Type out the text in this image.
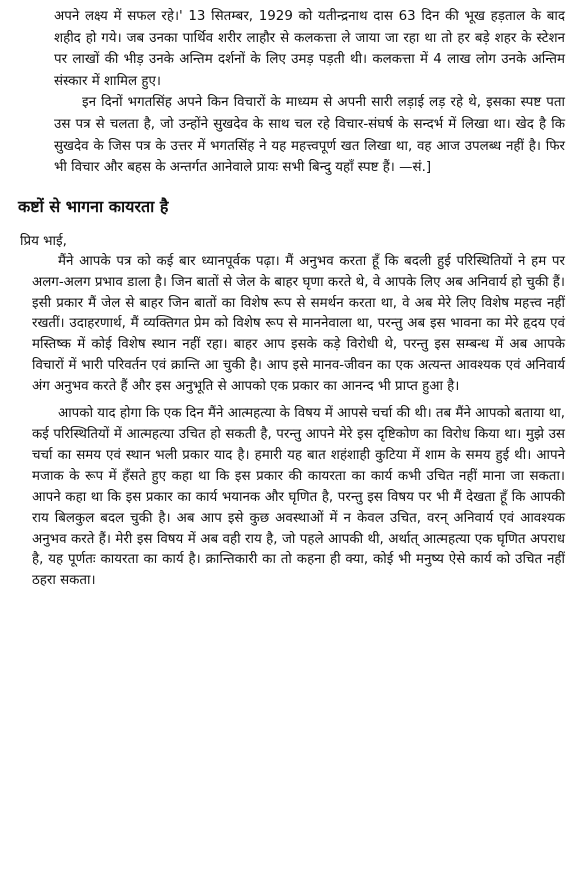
अपने लक्ष्य में सफल रहे।' 13 सितम्बर, 1929 को यतीन्द्रनाथ दास 63 दिन की भूख हड़ताल के बाद शहीद हो गये। जब उनका पार्थिव शरीर लाहौर से कलकत्ता ले जाया जा रहा था तो हर बड़े शहर के स्टेशन पर लाखों की भीड़ उनके अन्तिम दर्शनों के लिए उमड़ पड़ती थी। कलकत्ता में 4 लाख लोग उनके अन्तिम संस्कार में शामिल हुए।

इन दिनों भगतसिंह अपने किन विचारों के माध्यम से अपनी सारी लड़ाई लड़ रहे थे, इसका स्पष्ट पता उस पत्र से चलता है, जो उन्होंने सुखदेव के साथ चल रहे विचार-संघर्ष के सन्दर्भ में लिखा था। खेद है कि सुखदेव के जिस पत्र के उत्तर में भगतसिंह ने यह महत्त्वपूर्ण खत लिखा था, वह आज उपलब्ध नहीं है। फिर भी विचार और बहस के अन्तर्गत आनेवाले प्रायः सभी बिन्दु यहाँ स्पष्ट हैं। —सं.]

कष्टों से भागना कायरता है
प्रिय भाई,

मैंने आपके पत्र को कई बार ध्यानपूर्वक पढ़ा। मैं अनुभव करता हूँ कि बदली हुई परिस्थितियों ने हम पर अलग-अलग प्रभाव डाला है। जिन बातों से जेल के बाहर घृणा करते थे, वे आपके लिए अब अनिवार्य हो चुकी हैं। इसी प्रकार मैं जेल से बाहर जिन बातों का विशेष रूप से समर्थन करता था, वे अब मेरे लिए विशेष महत्त्व नहीं रखतीं। उदाहरणार्थ, मैं व्यक्तिगत प्रेम को विशेष रूप से माननेवाला था, परन्तु अब इस भावना का मेरे हृदय एवं मस्तिष्क में कोई विशेष स्थान नहीं रहा। बाहर आप इसके कड़े विरोधी थे, परन्तु इस सम्बन्ध में अब आपके विचारों में भारी परिवर्तन एवं क्रान्ति आ चुकी है। आप इसे मानव-जीवन का एक अत्यन्त आवश्यक एवं अनिवार्य अंग अनुभव करते हैं और इस अनुभूति से आपको एक प्रकार का आनन्द भी प्राप्त हुआ है।

आपको याद होगा कि एक दिन मैंने आत्महत्या के विषय में आपसे चर्चा की थी। तब मैंने आपको बताया था, कई परिस्थितियों में आत्महत्या उचित हो सकती है, परन्तु आपने मेरे इस दृष्टिकोण का विरोध किया था। मुझे उस चर्चा का समय एवं स्थान भली प्रकार याद है। हमारी यह बात शहंशाही कुटिया में शाम के समय हुई थी। आपने मजाक के रूप में हँसते हुए कहा था कि इस प्रकार की कायरता का कार्य कभी उचित नहीं माना जा सकता। आपने कहा था कि इस प्रकार का कार्य भयानक और घृणित है, परन्तु इस विषय पर भी मैं देखता हूँ कि आपकी राय बिलकुल बदल चुकी है। अब आप इसे कुछ अवस्थाओं में न केवल उचित, वरन् अनिवार्य एवं आवश्यक अनुभव करते हैं। मेरी इस विषय में अब वही राय है, जो पहले आपकी थी, अर्थात् आत्महत्या एक घृणित अपराध है, यह पूर्णतः कायरता का कार्य है। क्रान्तिकारी का तो कहना ही क्या, कोई भी मनुष्य ऐसे कार्य को उचित नहीं ठहरा सकता।
